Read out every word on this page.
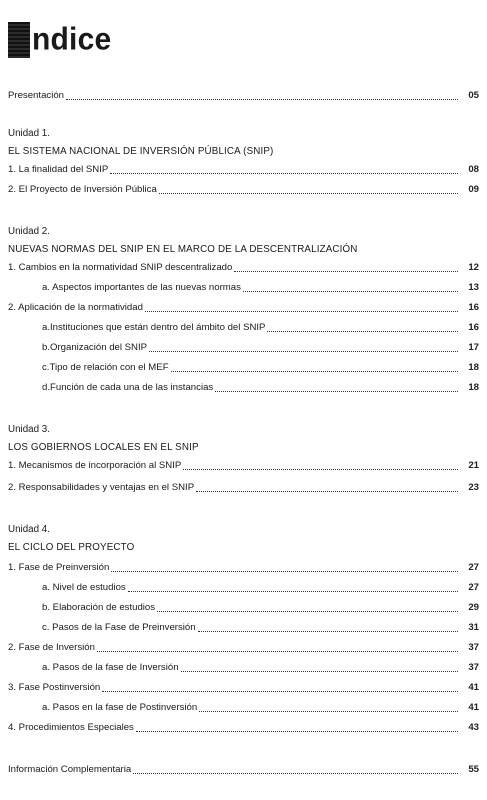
ndice
Presentación	05
Unidad 1.
EL SISTEMA NACIONAL DE INVERSIÓN PÚBLICA (SNIP)
1. La finalidad del SNIP	08
2. El Proyecto de Inversión Pública	09
Unidad 2.
NUEVAS NORMAS DEL SNIP EN EL MARCO DE LA DESCENTRALIZACIÓN
1. Cambios en la normatividad SNIP descentralizado	12
a. Aspectos importantes de las nuevas normas	13
2. Aplicación de la normatividad	16
a.Instituciones que están dentro del ámbito del SNIP	16
b.Organización del SNIP	17
c.Tipo de relación con el MEF	18
d.Función de cada una de las instancias	18
Unidad 3.
LOS GOBIERNOS LOCALES EN EL SNIP
1. Mecanismos de incorporación al SNIP	21
2. Responsabilidades y ventajas en el SNIP	23
Unidad 4.
EL CICLO DEL PROYECTO
1. Fase de Preinversión	27
a. Nivel de estudios	27
b. Elaboración de estudios	29
c. Pasos de la Fase de Preinversión	31
2. Fase de Inversión	37
a. Pasos de la fase de Inversión	37
3. Fase Postinversión	41
a. Pasos en la fase de Postinversión	41
4. Procedimientos Especiales	43
Información Complementaria	55
